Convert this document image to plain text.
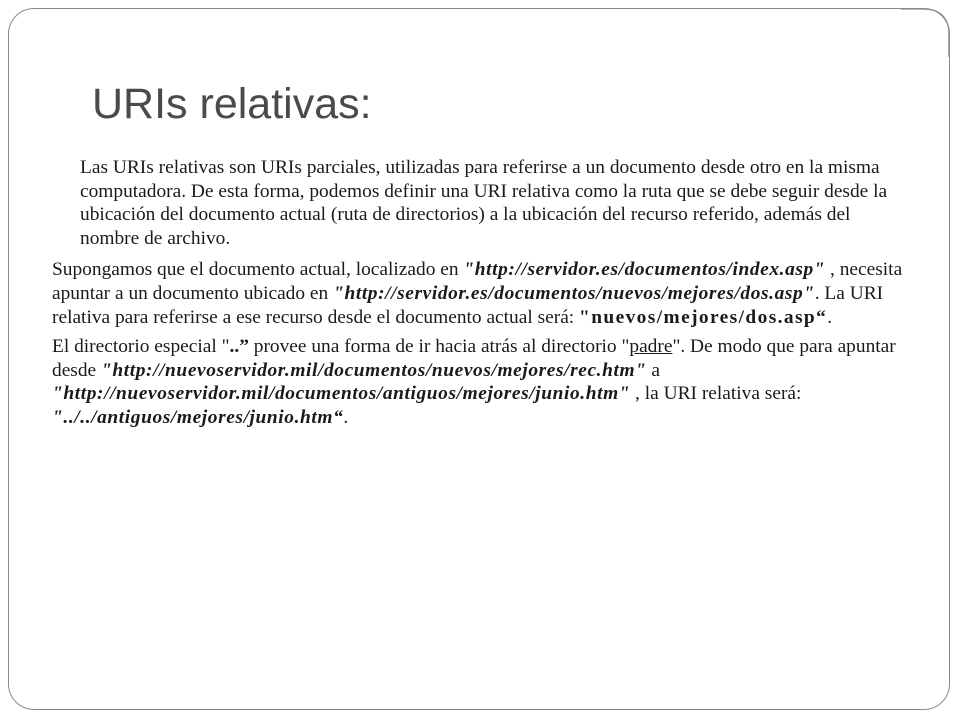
URIs relativas:

Las URIs relativas son URIs parciales, utilizadas para referirse a un documento desde otro en la misma computadora. De esta forma, podemos definir una URI relativa como la ruta que se debe seguir desde la ubicación del documento actual (ruta de directorios) a la ubicación del recurso referido, además del nombre de archivo.

Supongamos que el documento actual, localizado en "http://servidor.es/documentos/index.asp" , necesita apuntar a un documento ubicado en "http://servidor.es/documentos/nuevos/mejores/dos.asp". La URI relativa para referirse a ese recurso desde el documento actual será: "nuevos/mejores/dos.asp“.

El directorio especial "..” provee una forma de ir hacia atrás al directorio "padre". De modo que para apuntar desde "http://nuevoservidor.mil/documentos/nuevos/mejores/rec.htm" a "http://nuevoservidor.mil/documentos/antiguos/mejores/junio.htm" , la URI relativa será: "../../antiguos/mejores/junio.htm“.
